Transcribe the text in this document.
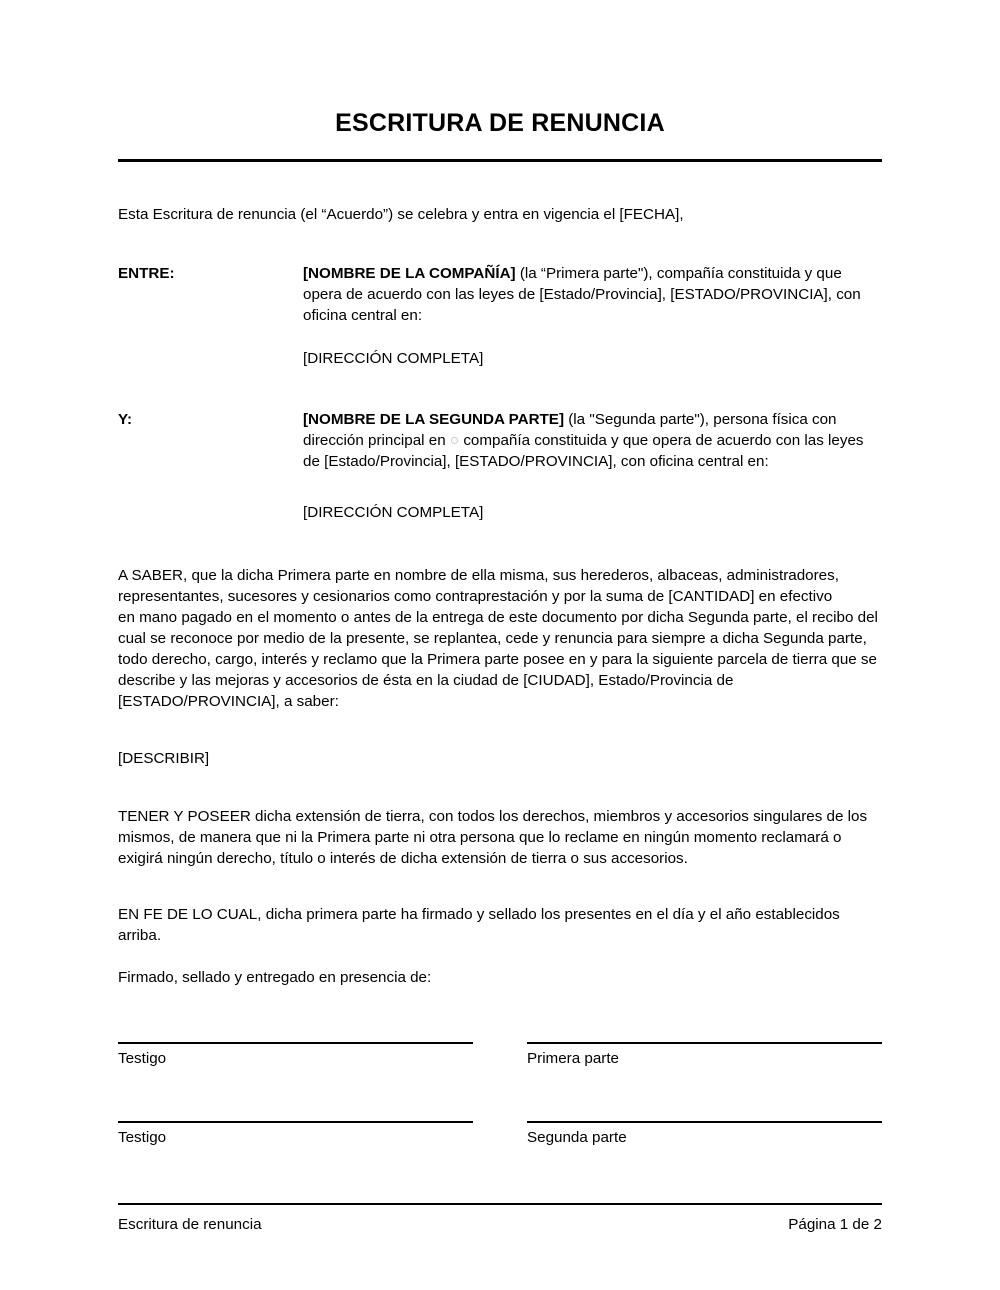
ESCRITURA DE RENUNCIA

Esta Escritura de renuncia (el “Acuerdo”) se celebra y entra en vigencia el [FECHA],

ENTRE:	[NOMBRE DE LA COMPAÑÍA] (la “Primera parte"), compañía constituida y que opera de acuerdo con las leyes de [Estado/Provincia], [ESTADO/PROVINCIA], con oficina central en:
[DIRECCIÓN COMPLETA]
Y:	[NOMBRE DE LA SEGUNDA PARTE] (la "Segunda parte"), persona física con dirección principal en ○ compañía constituida y que opera de acuerdo con las leyes de [Estado/Provincia], [ESTADO/PROVINCIA], con oficina central en:
[DIRECCIÓN COMPLETA]

A SABER, que la dicha Primera parte en nombre de ella misma, sus herederos, albaceas, administradores, representantes, sucesores y cesionarios como contraprestación y por la suma de [CANTIDAD] en efectivo

en mano pagado en el momento o antes de la entrega de este documento por dicha Segunda parte, el recibo del cual se reconoce por medio de la presente, se replantea, cede y renuncia para siempre a dicha Segunda parte, todo derecho, cargo, interés y reclamo que la Primera parte posee en y para la siguiente parcela de tierra que se describe y las mejoras y accesorios de ésta en la ciudad de [CIUDAD], Estado/Provincia de [ESTADO/PROVINCIA], a saber:

[DESCRIBIR]

TENER Y POSEER dicha extensión de tierra, con todos los derechos, miembros y accesorios singulares de los mismos, de manera que ni la Primera parte ni otra persona que lo reclame en ningún momento reclamará o

exigirá ningún derecho, título o interés de dicha extensión de tierra o sus accesorios.

EN FE DE LO CUAL, dicha primera parte ha firmado y sellado los presentes en el día y el año establecidos arriba.

Firmado, sellado y entregado en presencia de:

Testigo	Primera parte
Testigo	Segunda parte
Escritura de renuncia	Página 1 de 2
